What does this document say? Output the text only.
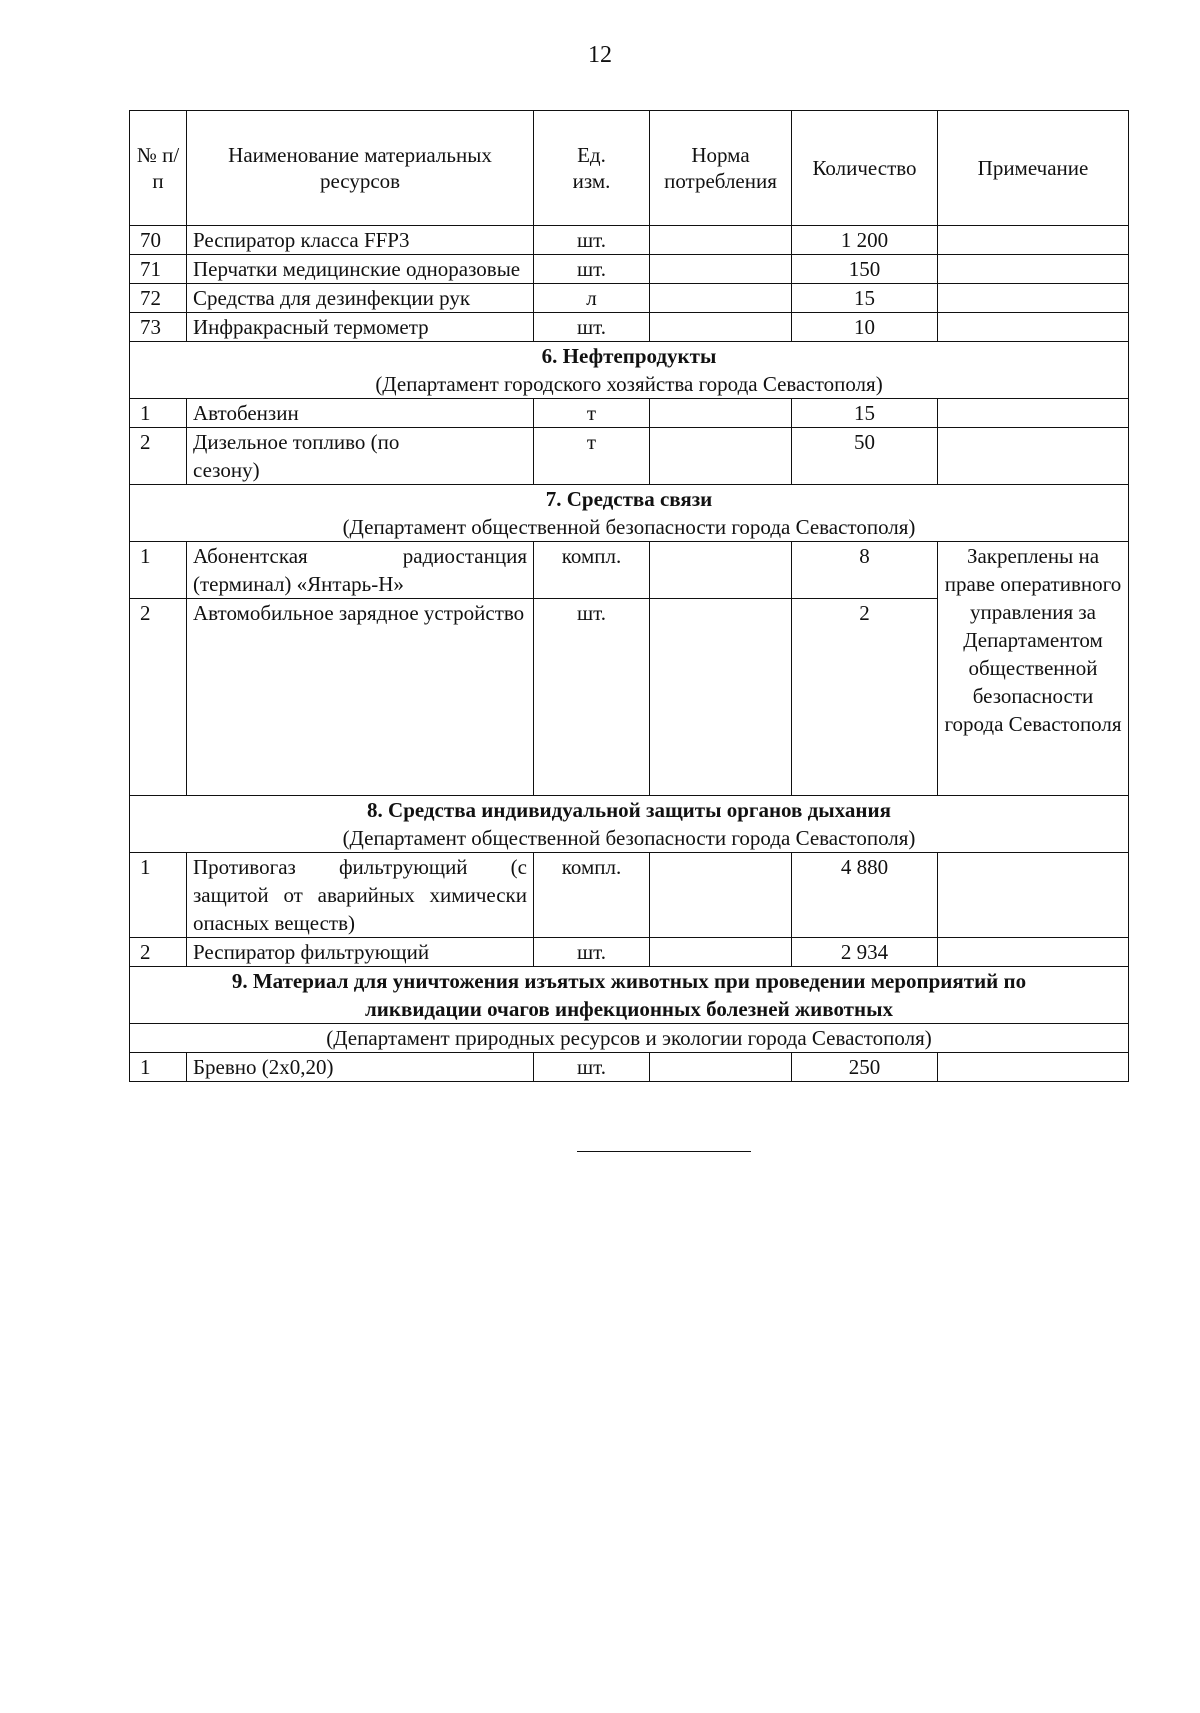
12
№ п/п	Наименование материальных ресурсов	Ед. изм.	Норма потребления	Количество	Примечание
70	Респиратор класса FFP3	шт.		1 200	
71	Перчатки медицинские одноразовые	шт.		150	
72	Средства для дезинфекции рук	л		15	
73	Инфракрасный термометр	шт.		10	

6. Нефтепродукты
(Департамент городского хозяйства города Севастополя)					

1	Автобензин	т		15	
2	Дизельное топливо (по сезону)	т		50	

7. Средства связи
(Департамент общественной безопасности города Севастополя)					

1	Абонентская радиостанция (терминал) «Янтарь-Н»	компл.		8	Закреплены на праве оперативного управления за Департаментом общественной безопасности города Севастополя
2	Автомобильное зарядное устройство	шт.		2	

8. Средства индивидуальной защиты органов дыхания
(Департамент общественной безопасности города Севастополя)					

1	Противогаз фильтрующий (с защитой от аварийных химически опасных веществ)	компл.		4 880	
2	Респиратор фильтрующий	шт.		2 934	

9. Материал для уничтожения изъятых животных при проведении мероприятий по ликвидации очагов инфекционных болезней животных					

(Департамент природных ресурсов и экологии города Севастополя)					

1	Бревно (2х0,20)	шт.		250	
